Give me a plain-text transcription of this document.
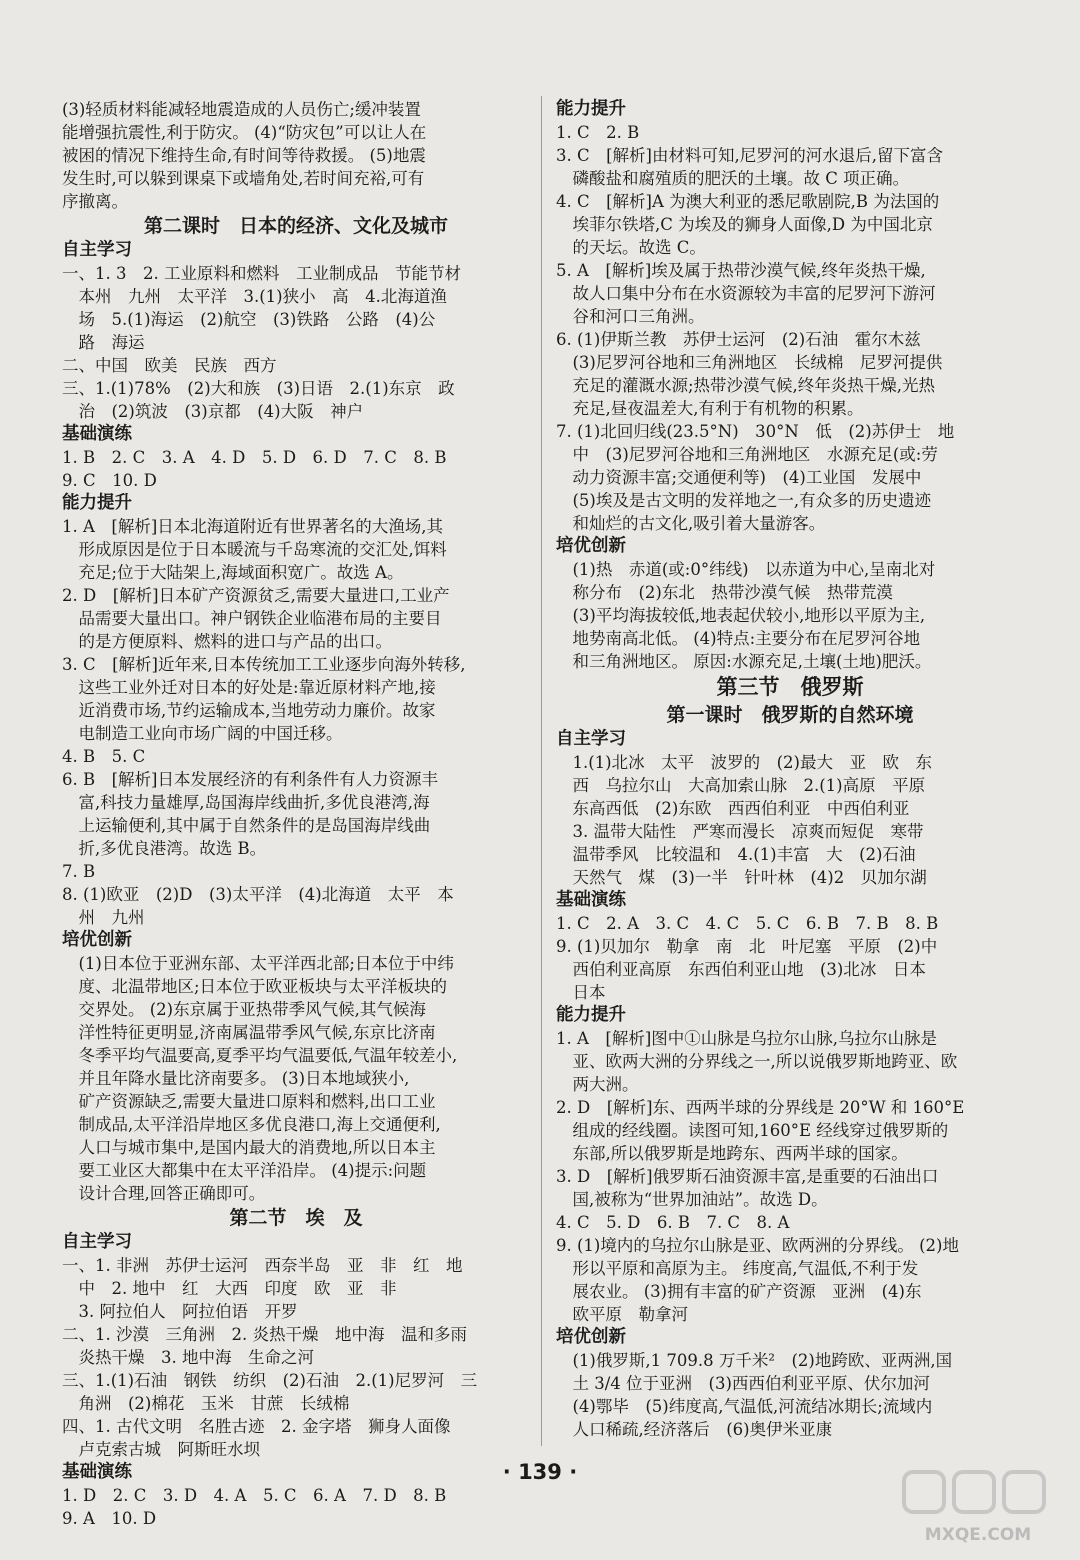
(3)轻质材料能减轻地震造成的人员伤亡;缓冲装置
能增强抗震性,利于防灾。 (4)“防灾包”可以让人在
被困的情况下维持生命,有时间等待救援。 (5)地震
发生时,可以躲到课桌下或墙角处,若时间充裕,可有
序撤离。
第二课时　日本的经济、文化及城市
自主学习
一、1. 3　2. 工业原料和燃料　工业制成品　节能节材
　本州　九州　太平洋　3.(1)狭小　高　4.北海道渔
　场　5.(1)海运　(2)航空　(3)铁路　公路　(4)公
　路　海运
二、中国　欧美　民族　西方
三、1.(1)78%　(2)大和族　(3)日语　2.(1)东京　政
　治　(2)筑波　(3)京都　(4)大阪　神户
基础演练
1. B　2. C　3. A　4. D　5. D　6. D　7. C　8. B
9. C　10. D
能力提升
1. A　[解析]日本北海道附近有世界著名的大渔场,其
　形成原因是位于日本暖流与千岛寒流的交汇处,饵料
　充足;位于大陆架上,海域面积宽广。故选 A。
2. D　[解析]日本矿产资源贫乏,需要大量进口,工业产
　品需要大量出口。神户钢铁企业临港布局的主要目
　的是方便原料、燃料的进口与产品的出口。
3. C　[解析]近年来,日本传统加工工业逐步向海外转移,
　这些工业外迁对日本的好处是:靠近原材料产地,接
　近消费市场,节约运输成本,当地劳动力廉价。故家
　电制造工业向市场广阔的中国迁移。
4. B　5. C
6. B　[解析]日本发展经济的有利条件有人力资源丰
　富,科技力量雄厚,岛国海岸线曲折,多优良港湾,海
　上运输便利,其中属于自然条件的是岛国海岸线曲
　折,多优良港湾。故选 B。
7. B
8. (1)欧亚　(2)D　(3)太平洋　(4)北海道　太平　本
　州　九州
培优创新
　(1)日本位于亚洲东部、太平洋西北部;日本位于中纬
　度、北温带地区;日本位于欧亚板块与太平洋板块的
　交界处。 (2)东京属于亚热带季风气候,其气候海
　洋性特征更明显,济南属温带季风气候,东京比济南
　冬季平均气温要高,夏季平均气温要低,气温年较差小,
　并且年降水量比济南要多。 (3)日本地域狭小,
　矿产资源缺乏,需要大量进口原料和燃料,出口工业
　制成品,太平洋沿岸地区多优良港口,海上交通便利,
　人口与城市集中,是国内最大的消费地,所以日本主
　要工业区大都集中在太平洋沿岸。 (4)提示:问题
　设计合理,回答正确即可。
第二节　埃　及
自主学习
一、1. 非洲　苏伊士运河　西奈半岛　亚　非　红　地
　中　2. 地中　红　大西　印度　欧　亚　非
　3. 阿拉伯人　阿拉伯语　开罗
二、1. 沙漠　三角洲　2. 炎热干燥　地中海　温和多雨
　炎热干燥　3. 地中海　生命之河
三、1.(1)石油　钢铁　纺织　(2)石油　2.(1)尼罗河　三
　角洲　(2)棉花　玉米　甘蔗　长绒棉
四、1. 古代文明　名胜古迹　2. 金字塔　狮身人面像
　卢克索古城　阿斯旺水坝
基础演练
1. D　2. C　3. D　4. A　5. C　6. A　7. D　8. B
9. A　10. D
能力提升
1. C　2. B
3. C　[解析]由材料可知,尼罗河的河水退后,留下富含
　磷酸盐和腐殖质的肥沃的土壤。故 C 项正确。
4. C　[解析]A 为澳大利亚的悉尼歌剧院,B 为法国的
　埃菲尔铁塔,C 为埃及的狮身人面像,D 为中国北京
　的天坛。故选 C。
5. A　[解析]埃及属于热带沙漠气候,终年炎热干燥,
　故人口集中分布在水资源较为丰富的尼罗河下游河
　谷和河口三角洲。
6. (1)伊斯兰教　苏伊士运河　(2)石油　霍尔木兹
　(3)尼罗河谷地和三角洲地区　长绒棉　尼罗河提供
　充足的灌溉水源;热带沙漠气候,终年炎热干燥,光热
　充足,昼夜温差大,有利于有机物的积累。
7. (1)北回归线(23.5°N)　30°N　低　(2)苏伊士　地
　中　(3)尼罗河谷地和三角洲地区　水源充足(或:劳
　动力资源丰富;交通便利等)　(4)工业国　发展中
　(5)埃及是古文明的发祥地之一,有众多的历史遗迹
　和灿烂的古文化,吸引着大量游客。
培优创新
　(1)热　赤道(或:0°纬线)　以赤道为中心,呈南北对
　称分布　(2)东北　热带沙漠气候　热带荒漠
　(3)平均海拔较低,地表起伏较小,地形以平原为主,
　地势南高北低。 (4)特点:主要分布在尼罗河谷地
　和三角洲地区。 原因:水源充足,土壤(土地)肥沃。
第三节　俄罗斯
第一课时　俄罗斯的自然环境
自主学习
　1.(1)北冰　太平　波罗的　(2)最大　亚　欧　东
　西　乌拉尔山　大高加索山脉　2.(1)高原　平原
　东高西低　(2)东欧　西西伯利亚　中西伯利亚
　3. 温带大陆性　严寒而漫长　凉爽而短促　寒带
　温带季风　比较温和　4.(1)丰富　大　(2)石油
　天然气　煤　(3)一半　针叶林　(4)2　贝加尔湖
基础演练
1. C　2. A　3. C　4. C　5. C　6. B　7. B　8. B
9. (1)贝加尔　勒拿　南　北　叶尼塞　平原　(2)中
　西伯利亚高原　东西伯利亚山地　(3)北冰　日本
　日本
能力提升
1. A　[解析]图中①山脉是乌拉尔山脉,乌拉尔山脉是
　亚、欧两大洲的分界线之一,所以说俄罗斯地跨亚、欧
　两大洲。
2. D　[解析]东、西两半球的分界线是 20°W 和 160°E
　组成的经线圈。读图可知,160°E 经线穿过俄罗斯的
　东部,所以俄罗斯是地跨东、西两半球的国家。
3. D　[解析]俄罗斯石油资源丰富,是重要的石油出口
　国,被称为“世界加油站”。故选 D。
4. C　5. D　6. B　7. C　8. A
9. (1)境内的乌拉尔山脉是亚、欧两洲的分界线。 (2)地
　形以平原和高原为主。 纬度高,气温低,不利于发
　展农业。 (3)拥有丰富的矿产资源　亚洲　(4)东
　欧平原　勒拿河
培优创新
　(1)俄罗斯,1 709.8 万千米²　(2)地跨欧、亚两洲,国
　土 3/4 位于亚洲　(3)西西伯利亚平原、伏尔加河
　(4)鄂毕　(5)纬度高,气温低,河流结冰期长;流域内
　人口稀疏,经济落后　(6)奥伊米亚康
· 139 ·
MXQE.COM
